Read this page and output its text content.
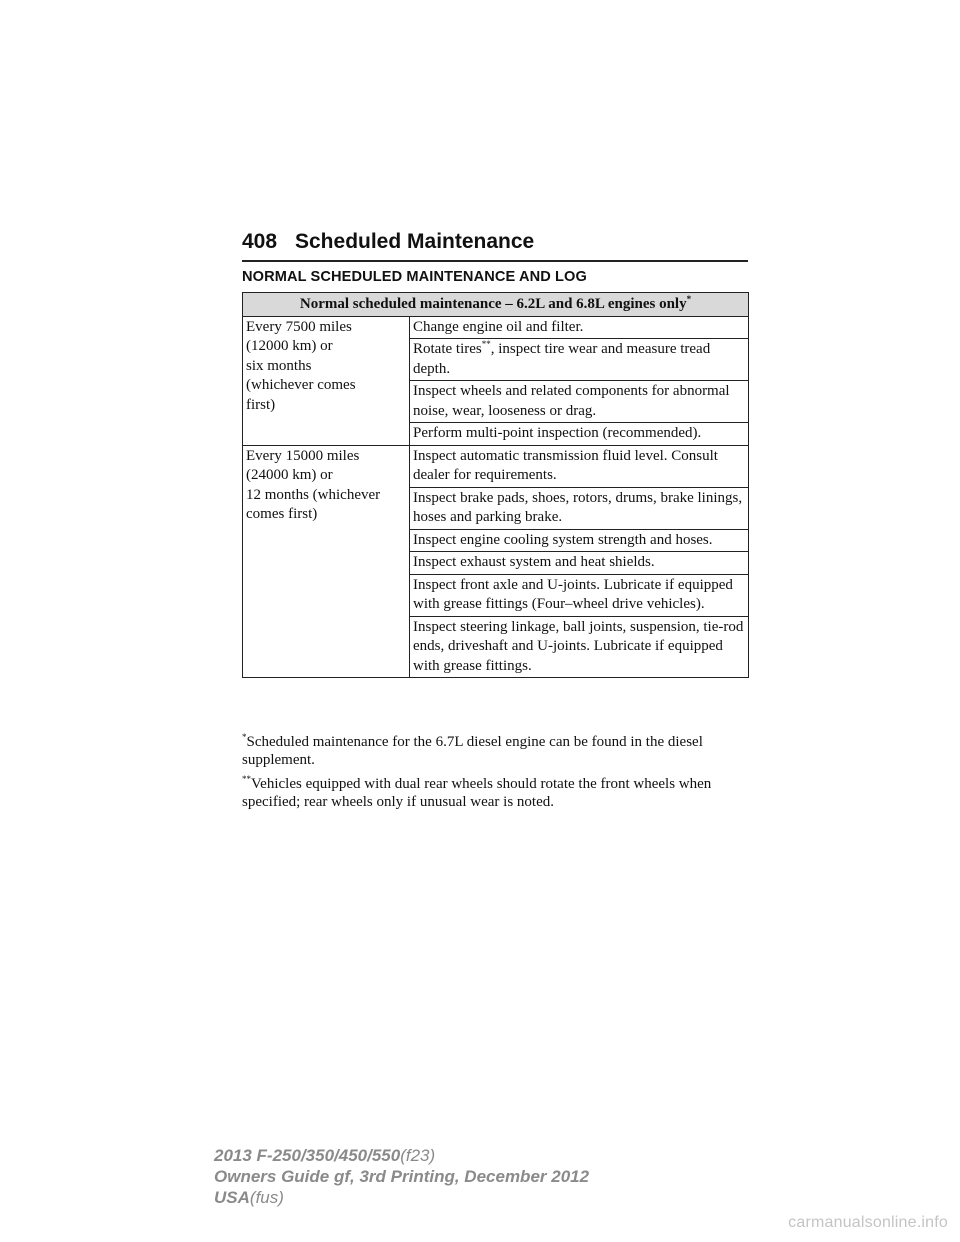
408 Scheduled Maintenance
NORMAL SCHEDULED MAINTENANCE AND LOG
Normal scheduled maintenance – 6.2L and 6.8L engines only*
Every 7500 miles
(12000 km) or
six months
(whichever comes
first)	Change engine oil and filter.
	Rotate tires**, inspect tire wear and measure tread depth.
	Inspect wheels and related components for abnormal noise, wear, looseness or drag.
	Perform multi-point inspection (recommended).
Every 15000 miles
(24000 km) or
12 months (whichever
comes first)	Inspect automatic transmission fluid level. Consult dealer for requirements.
	Inspect brake pads, shoes, rotors, drums, brake linings, hoses and parking brake.
	Inspect engine cooling system strength and hoses.
	Inspect exhaust system and heat shields.
	Inspect front axle and U-joints. Lubricate if equipped with grease fittings (Four–wheel drive vehicles).
	Inspect steering linkage, ball joints, suspension, tie-rod ends, driveshaft and U-joints. Lubricate if equipped with grease fittings.

*Scheduled maintenance for the 6.7L diesel engine can be found in the diesel supplement.

**Vehicles equipped with dual rear wheels should rotate the front wheels when specified; rear wheels only if unusual wear is noted.

2013 F-250/350/450/550(f23)
Owners Guide gf, 3rd Printing, December 2012
USA(fus)
carmanualsonline.info
